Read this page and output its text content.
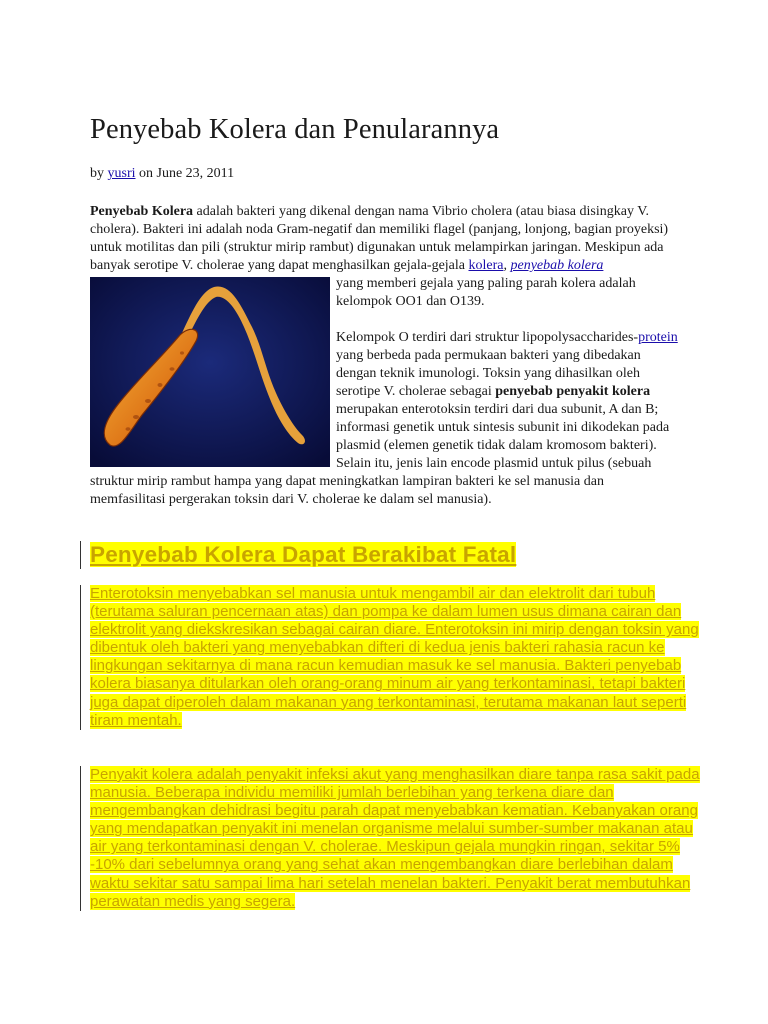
Penyebab Kolera dan Penularannya
by yusri on June 23, 2011

Penyebab Kolera adalah bakteri yang dikenal dengan nama Vibrio cholera (atau biasa disingkay V. cholera). Bakteri ini adalah noda Gram-negatif dan memiliki flagel (panjang, lonjong, bagian proyeksi) untuk motilitas dan pili (struktur mirip rambut) digunakan untuk melampirkan jaringan. Meskipun ada banyak serotipe V. cholerae yang dapat menghasilkan gejala-gejala kolera, penyebab kolera

yang memberi gejala yang paling parah kolera adalah kelompok OO1 dan O139.

Kelompok O terdiri dari struktur lipopolysaccharides-protein yang berbeda pada permukaan bakteri yang dibedakan dengan teknik imunologi. Toksin yang dihasilkan oleh serotipe V. cholerae sebagai penyebab penyakit kolera merupakan enterotoksin terdiri dari dua subunit, A dan B; informasi genetik untuk sintesis subunit ini dikodekan pada plasmid (elemen genetik tidak dalam kromosom bakteri). Selain itu, jenis lain encode plasmid untuk pilus (sebuah struktur mirip rambut hampa yang dapat meningkatkan lampiran bakteri ke sel manusia dan memfasilitasi pergerakan toksin dari V. cholerae ke dalam sel manusia).

Penyebab Kolera Dapat Berakibat Fatal
Enterotoksin menyebabkan sel manusia untuk mengambil air dan elektrolit dari tubuh (terutama saluran pencernaan atas) dan pompa ke dalam lumen usus dimana cairan dan elektrolit yang diekskresikan sebagai cairan diare. Enterotoksin ini mirip dengan toksin yang dibentuk oleh bakteri yang menyebabkan difteri di kedua jenis bakteri rahasia racun ke lingkungan sekitarnya di mana racun kemudian masuk ke sel manusia. Bakteri penyebab kolera biasanya ditularkan oleh orang-orang minum air yang terkontaminasi, tetapi bakteri juga dapat diperoleh dalam makanan yang terkontaminasi, terutama makanan laut seperti tiram mentah.
Penyakit kolera adalah penyakit infeksi akut yang menghasilkan diare tanpa rasa sakit pada manusia. Beberapa individu memiliki jumlah berlebihan yang terkena diare dan mengembangkan dehidrasi begitu parah dapat menyebabkan kematian. Kebanyakan orang yang mendapatkan penyakit ini menelan organisme melalui sumber-sumber makanan atau air yang terkontaminasi dengan V. cholerae. Meskipun gejala mungkin ringan, sekitar 5% -10% dari sebelumnya orang yang sehat akan mengembangkan diare berlebihan dalam waktu sekitar satu sampai lima hari setelah menelan bakteri. Penyakit berat membutuhkan perawatan medis yang segera.
